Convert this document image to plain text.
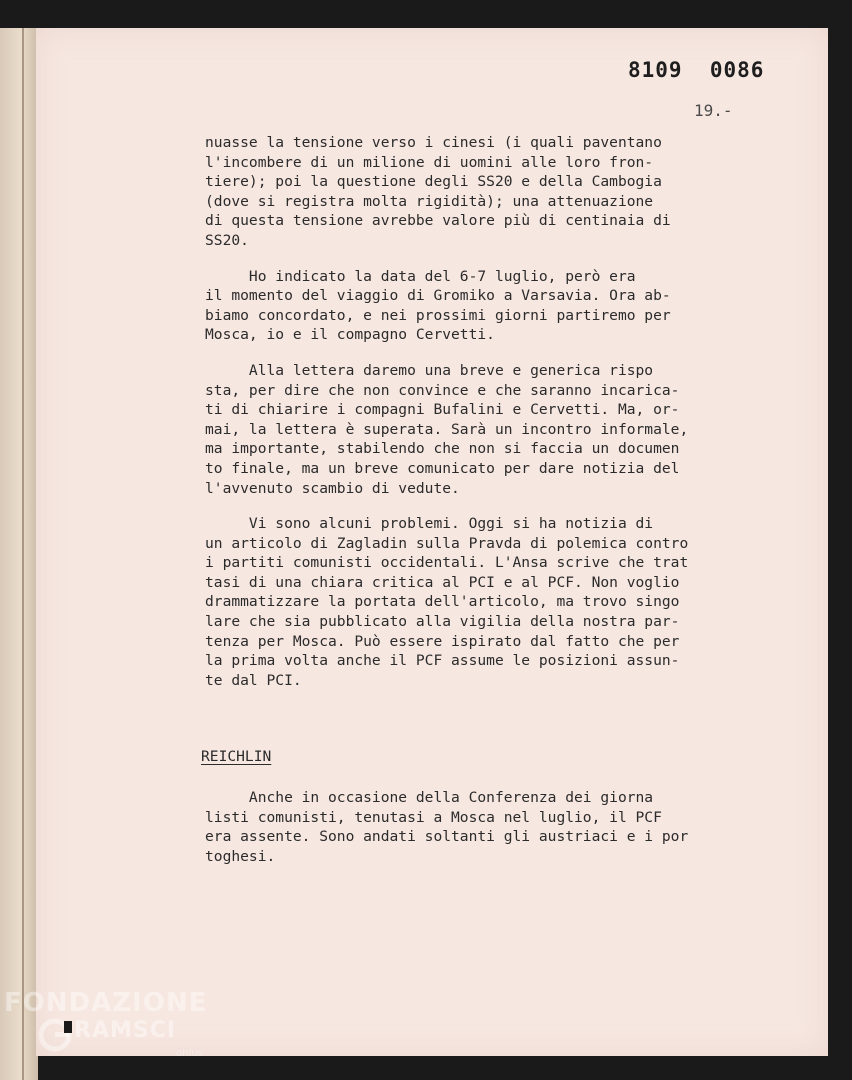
8109  0086
19.-

nuasse la tensione verso i cinesi (i quali paventano
l'incombere di un milione di uomini alle loro fron-
tiere); poi la questione degli SS20 e della Cambogia
(dove si registra molta rigidità); una attenuazione
di questa tensione avrebbe valore più di centinaia di
SS20.

Ho indicato la data del 6-7 luglio, però era
il momento del viaggio di Gromiko a Varsavia. Ora ab-
biamo concordato, e nei prossimi giorni partiremo per
Mosca, io e il compagno Cervetti.

Alla lettera daremo una breve e generica rispo
sta, per dire che non convince e che saranno incarica-
ti di chiarire i compagni Bufalini e Cervetti. Ma, or-
mai, la lettera è superata. Sarà un incontro informale,
ma importante, stabilendo che non si faccia un documen
to finale, ma un breve comunicato per dare notizia del
l'avvenuto scambio di vedute.

Vi sono alcuni problemi. Oggi si ha notizia di
un articolo di Zagladin sulla Pravda di polemica contro
i partiti comunisti occidentali. L'Ansa scrive che trat
tasi di una chiara critica al PCI e al PCF. Non voglio
drammatizzare la portata dell'articolo, ma trovo singo
lare che sia pubblicato alla vigilia della nostra par-
tenza per Mosca. Può essere ispirato dal fatto che per
la prima volta anche il PCF assume le posizioni assun-
te dal PCI.

REICHLIN

Anche in occasione della Conferenza dei giorna
listi comunisti, tenutasi a Mosca nel luglio, il PCF
era assente. Sono andati soltanti gli austriaci e i por
toghesi.

FONDAZIONE
RAMSCI
onlus
